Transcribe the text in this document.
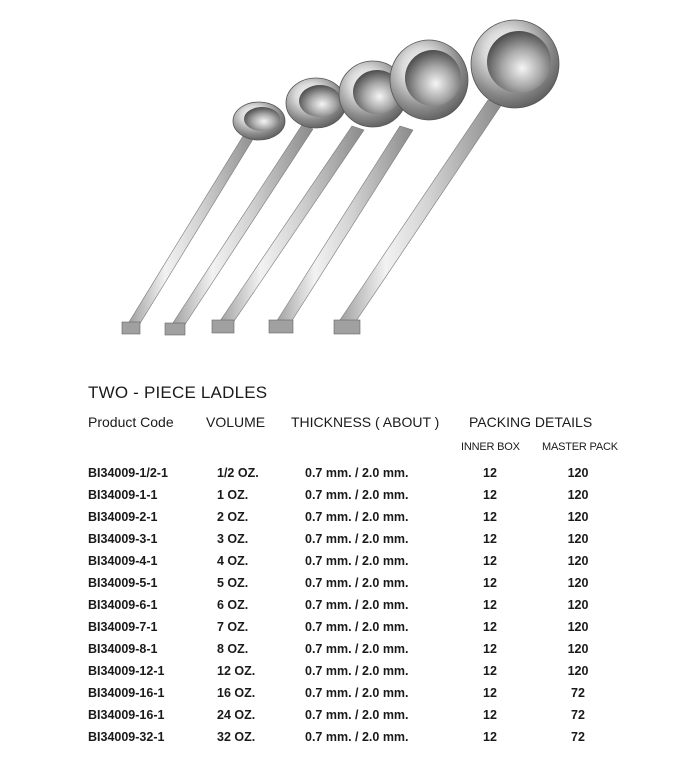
TWO - PIECE LADLES
Product Code VOLUME THICKNESS ( ABOUT ) PACKING DETAILS
INNER BOX MASTER PACK
BI34009-1/2-1	1/2 OZ.	0.7 mm. / 2.0 mm.	12	120
BI34009-1-1	1 OZ.	0.7 mm. / 2.0 mm.	12	120
BI34009-2-1	2 OZ.	0.7 mm. / 2.0 mm.	12	120
BI34009-3-1	3 OZ.	0.7 mm. / 2.0 mm.	12	120
BI34009-4-1	4 OZ.	0.7 mm. / 2.0 mm.	12	120
BI34009-5-1	5 OZ.	0.7 mm. / 2.0 mm.	12	120
BI34009-6-1	6 OZ.	0.7 mm. / 2.0 mm.	12	120
BI34009-7-1	7 OZ.	0.7 mm. / 2.0 mm.	12	120
BI34009-8-1	8 OZ.	0.7 mm. / 2.0 mm.	12	120
BI34009-12-1	12 OZ.	0.7 mm. / 2.0 mm.	12	120
BI34009-16-1	16 OZ.	0.7 mm. / 2.0 mm.	12	72
BI34009-16-1	24 OZ.	0.7 mm. / 2.0 mm.	12	72
BI34009-32-1	32 OZ.	0.7 mm. / 2.0 mm.	12	72
